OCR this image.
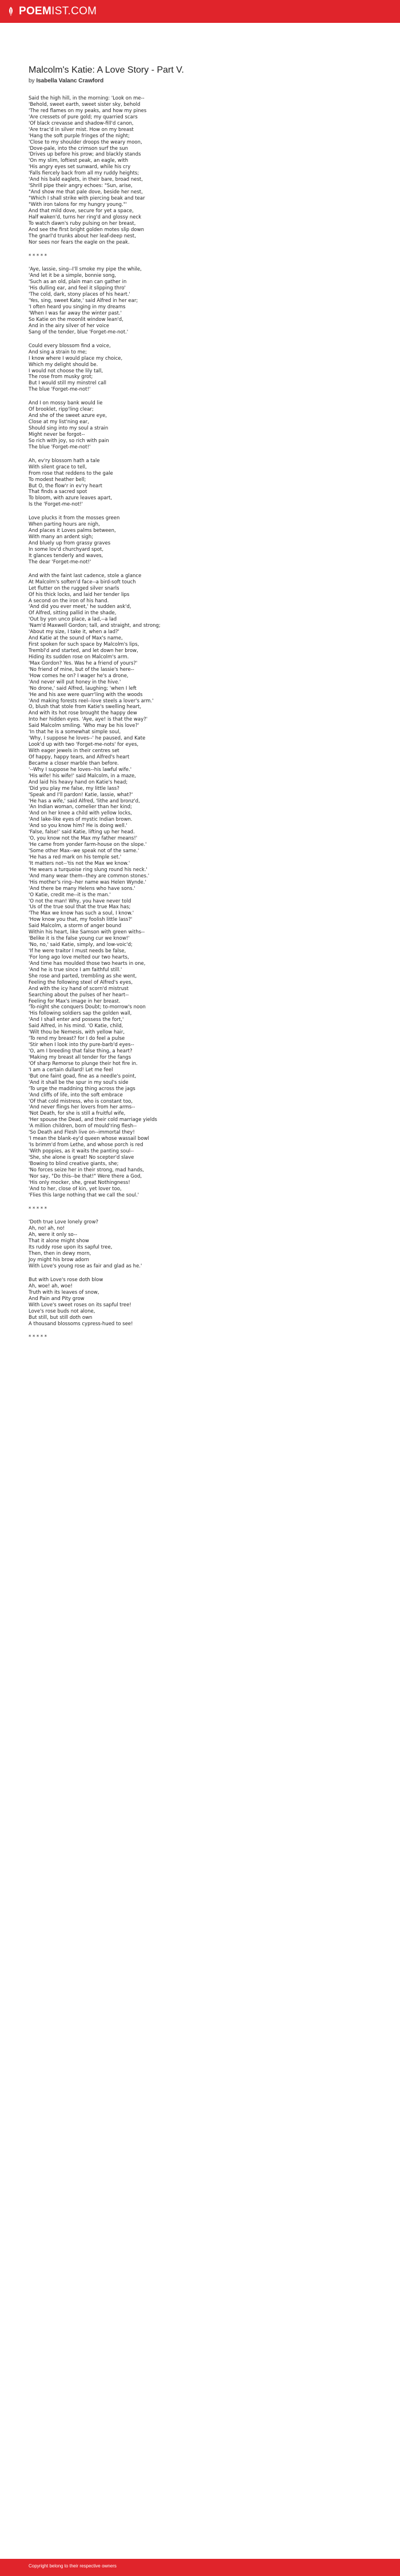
POEM IST.COM
Malcolm's Katie: A Love Story - Part V.
by Isabella Valanc Crawford
Said the high hill, in the morning: 'Look on me--
'Behold, sweet earth, sweet sister sky, behold
'The red flames on my peaks, and how my pines
'Are cressets of pure gold; my quarried scars
'Of black crevasse and shadow-fill'd canon,
'Are trac'd in silver mist. How on my breast
'Hang the soft purple fringes of the night;
'Close to my shoulder droops the weary moon,
'Dove-pale, into the crimson surf the sun
'Drives up before his prow; and blackly stands
'On my slim, loftiest peak, an eagle, with
'His angry eyes set sunward, while his cry
'Falls fiercely back from all my ruddy heights;
'And his bald eaglets, in their bare, broad nest,
'Shrill pipe their angry echoes: "Sun, arise,
"And show me that pale dove, beside her nest,
"Which I shall strike with piercing beak and tear
"With iron talons for my hungry young."'
And that mild dove, secure for yet a space,
Half waken'd, turns her ring'd and glossy neck
To watch dawn's ruby pulsing on her breast,
And see the first bright golden motes slip down
The gnarl'd trunks about her leaf-deep nest,
Nor sees nor fears the eagle on the peak.
* * * * *
'Aye, lassie, sing--I'll smoke my pipe the while,
'And let it be a simple, bonnie song,
'Such as an old, plain man can gather in
'His dulling ear, and feel it slipping thro'
'The cold, dark, stony places of his heart.'
'Yes, sing, sweet Kate,' said Alfred in her ear;
'I often heard you singing in my dreams
'When I was far away the winter past.'
So Katie on the moonlit window lean'd,
And in the airy silver of her voice
Sang of the tender, blue 'Forget-me-not.'
Could every blossom find a voice,
And sing a strain to me;
I know where I would place my choice,
Which my delight should be.
I would not choose the lily tall,
The rose from musky grot;
But I would still my minstrel call
The blue 'Forget-me-not!'
And I on mossy bank would lie
Of brooklet, ripp'ling clear;
And she of the sweet azure eye,
Close at my list'ning ear,
Should sing into my soul a strain
Might never be forgot--
So rich with joy, so rich with pain
The blue 'Forget-me-not!'
Ah, ev'ry blossom hath a tale
With silent grace to tell,
From rose that reddens to the gale
To modest heather bell;
But O, the flow'r in ev'ry heart
That finds a sacred spot
To bloom, with azure leaves apart,
Is the 'Forget-me-not!'
Love plucks it from the mosses green
When parting hours are nigh,
And places it Loves palms between,
With many an ardent sigh;
And bluely up from grassy graves
In some lov'd churchyard spot,
It glances tenderly and waves,
The dear 'Forget-me-not!'
And with the faint last cadence, stole a glance
At Malcolm's soften'd face--a bird-soft touch
Let flutter on the rugged silver snarls
Of his thick locks, and laid her tender lips
A second on the iron of his hand.
'And did you ever meet,' he sudden ask'd,
Of Alfred, sitting pallid in the shade,
'Out by yon unco place, a lad,--a lad
'Nam'd Maxwell Gordon; tall, and straight, and strong;
'About my size, I take it, when a lad?'
And Katie at the sound of Max's name,
First spoken for such space by Malcolm's lips,
Trembl'd and started, and let down her brow,
Hiding its sudden rose on Malcolm's arm.
'Max Gordon? Yes. Was he a friend of yours?'
'No friend of mine, but of the lassie's here--
'How comes he on? I wager he's a drone,
'And never will put honey in the hive.'
'No drone,' said Alfred, laughing; 'when I left
'He and his axe were quarr'ling with the woods
'And making forests reel--love steels a lover's arm.'
O, blush that stole from Katie's swelling heart,
And with its hot rose brought the happy dew
Into her hidden eyes. 'Aye, aye! is that the way?'
Said Malcolm smiling. 'Who may be his love?'
'In that he is a somewhat simple soul,
'Why, I suppose he loves--' he paused, and Kate
Look'd up with two 'Forget-me-nots' for eyes,
With eager jewels in their centres set
Of happy, happy tears, and Alfred's heart
Became a closer marble than before.
'--Why I suppose he loves--his lawful wife.'
'His wife! his wife!' said Malcolm, in a maze,
And laid his heavy hand on Katie's head;
'Did you play me false, my little lass?
'Speak and I'll pardon! Katie, lassie, what?'
'He has a wife,' said Alfred, 'lithe and bronz'd,
'An Indian woman, comelier than her kind;
'And on her knee a child with yellow locks,
'And lake-like eyes of mystic Indian brown.
'And so you know him? He is doing well.'
'False, false!' said Katie, lifting up her head.
'O, you know not the Max my father means!'
'He came from yonder farm-house on the slope.'
'Some other Max--we speak not of the same.'
'He has a red mark on his temple set.'
'It matters not--'tis not the Max we know.'
'He wears a turquoise ring slung round his neck.'
'And many wear them--they are common stones.'
'His mother's ring--her name was Helen Wynde.'
'And there be many Helens who have sons.'
'O Katie, credit me--it is the man.'
'O not the man! Why, you have never told
'Us of the true soul that the true Max has;
'The Max we know has such a soul, I know.'
'How know you that, my foolish little lass?'
Said Malcolm, a storm of anger bound
Within his heart, like Samson with green withs--
'Belike it is the false young cur we know!'
'No, no,' said Katie, simply, and low-voic'd;
'If he were traitor I must needs be false,
'For long ago love melted our two hearts,
'And time has moulded those two hearts in one,
'And he is true since I am faithful still.'
She rose and parted, trembling as she went,
Feeling the following steel of Alfred's eyes,
And with the icy hand of scorn'd mistrust
Searching about the pulses of her heart--
Feeling for Max's image in her breast.
'To-night she conquers Doubt; to-morrow's noon
'His following soldiers sap the golden wall,
'And I shall enter and possess the fort,'
Said Alfred, in his mind. 'O Katie, child,
'Wilt thou be Nemesis, with yellow hair,
'To rend my breast? for I do feel a pulse
'Stir when I look into thy pure-barb'd eyes--
'O, am I breeding that false thing, a heart?
'Making my breast all tender for the fangs
'Of sharp Remorse to plunge their hot fire in.
'I am a certain dullard! Let me feel
'But one faint goad, fine as a needle's point,
'And it shall be the spur in my soul's side
'To urge the maddning thing across the jags
'And cliffs of life, into the soft embrace
'Of that cold mistress, who is constant too,
'And never flings her lovers from her arms--
'Not Death, for she is still a fruitful wife,
'Her spouse the Dead, and their cold marriage yields
'A million children, born of mould'ring flesh--
'So Death and Flesh live on--immortal they!
'I mean the blank-ey'd queen whose wassail bowl
'Is brimm'd from Lethe, and whose porch is red
'With poppies, as it waits the panting soul--
'She, she alone is great! No scepter'd slave
'Bowing to blind creative giants, she;
'No forces seize her in their strong, mad hands,
'Nor say, "Do this--be that!" Were there a God,
'His only mocker, she, great Nothingness!
'And to her, close of kin, yet lover too,
'Flies this large nothing that we call the soul.'
* * * * *
'Doth true Love lonely grow?
Ah, no! ah, no!
Ah, were it only so--
That it alone might show
Its ruddy rose upon its sapful tree,
Then, then in dewy morn,
Joy might his brow adorn
With Love's young rose as fair and glad as he.'
But with Love's rose doth blow
Ah, woe! ah, woe!
Truth with its leaves of snow,
And Pain and Pity grow
With Love's sweet roses on its sapful tree!
Love's rose buds not alone,
But still, but still doth own
A thousand blossoms cypress-hued to see!
* * * * *
Copyright belong to their respective owners
